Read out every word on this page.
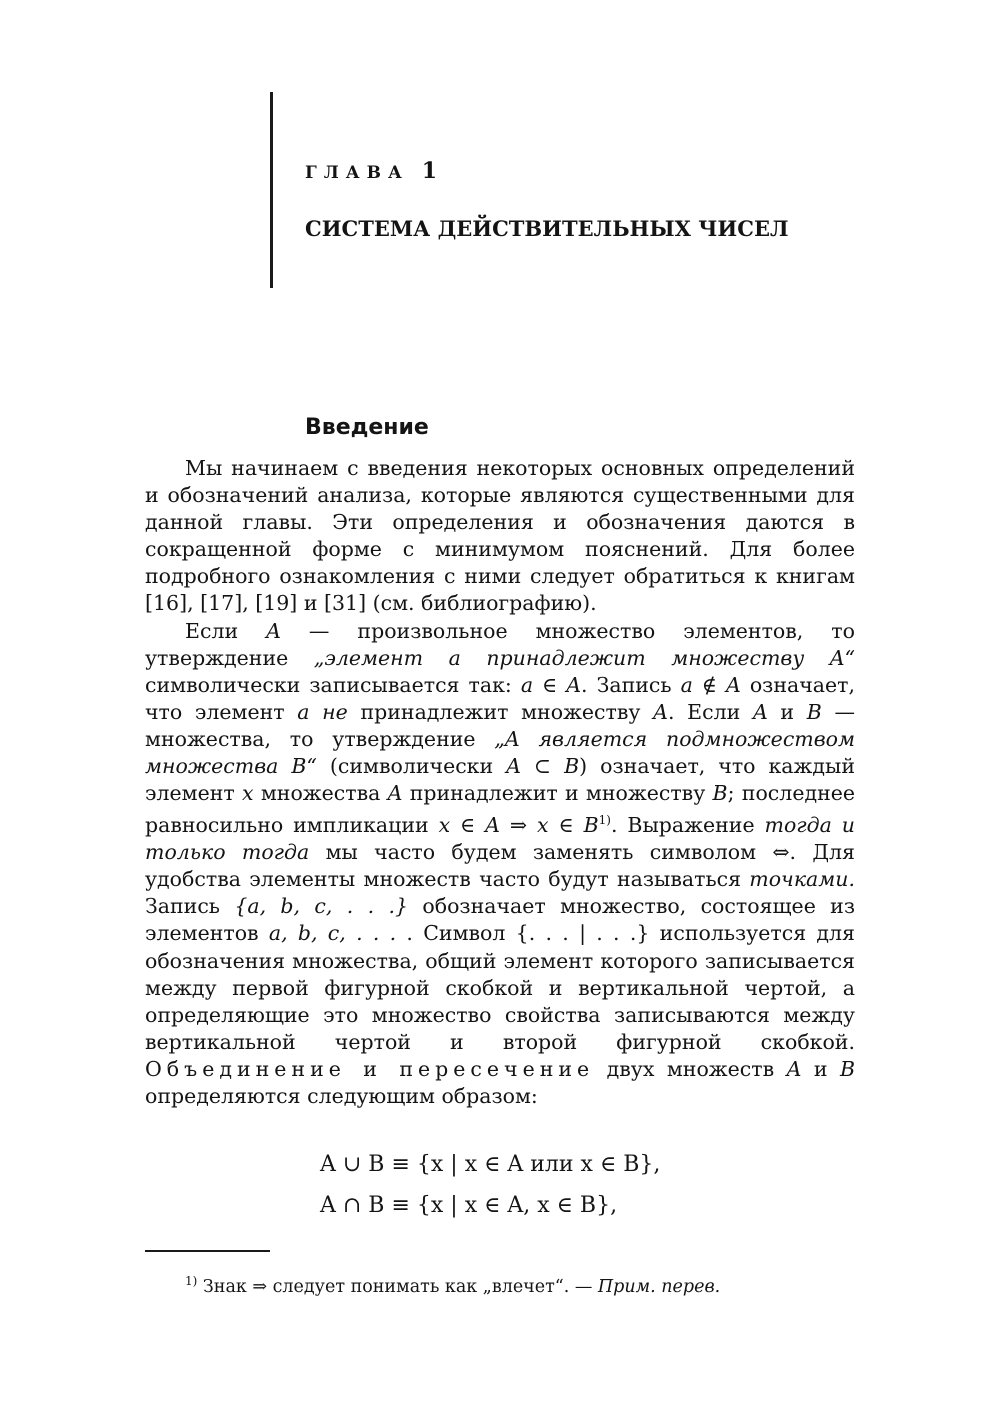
ГЛАВА 1
СИСТЕМА ДЕЙСТВИТЕЛЬНЫХ ЧИСЕЛ
Введение

Мы начинаем с введения некоторых основных определений и обозначений анализа, которые являются существенными для данной главы. Эти определения и обозначения даются в сокращенной форме с минимумом пояснений. Для более подробного ознакомления с ними следует обратиться к книгам [16], [17], [19] и [31] (см. библиографию).

Если A — произвольное множество элементов, то утверждение „элемент a принадлежит множеству A“ символически записывается так: a ∈ A. Запись a ∉ A означает, что элемент a не принадлежит множеству A. Если A и B — множества, то утверждение „A является подмножеством множества B“ (символически A ⊂ B) означает, что каждый элемент x множества A принадлежит и множеству B; последнее равносильно импликации x ∈ A ⇒ x ∈ $B^{1)}$. Выражение тогда и только тогда мы часто будем заменять символом ⇔. Для удобства элементы множеств часто будут называться точками. Запись {a, b, c, . . .} обозначает множество, состоящее из элементов a, b, c, . . . . Символ {. . . | . . .} используется для обозначения множества, общий элемент которого записывается между первой фигурной скобкой и вертикальной чертой, а определяющие это множество свойства записываются между вертикальной чертой и второй фигурной скобкой. Объединение и пересечение двух множеств A и B определяются следующим образом:

A ∪ B ≡ {x | x ∈ A или x ∈ B},
A ∩ B ≡ {x | x ∈ A, x ∈ B},
$^{1)}$ Знак ⇒ следует понимать как „влечет“. — Прим. перев.
